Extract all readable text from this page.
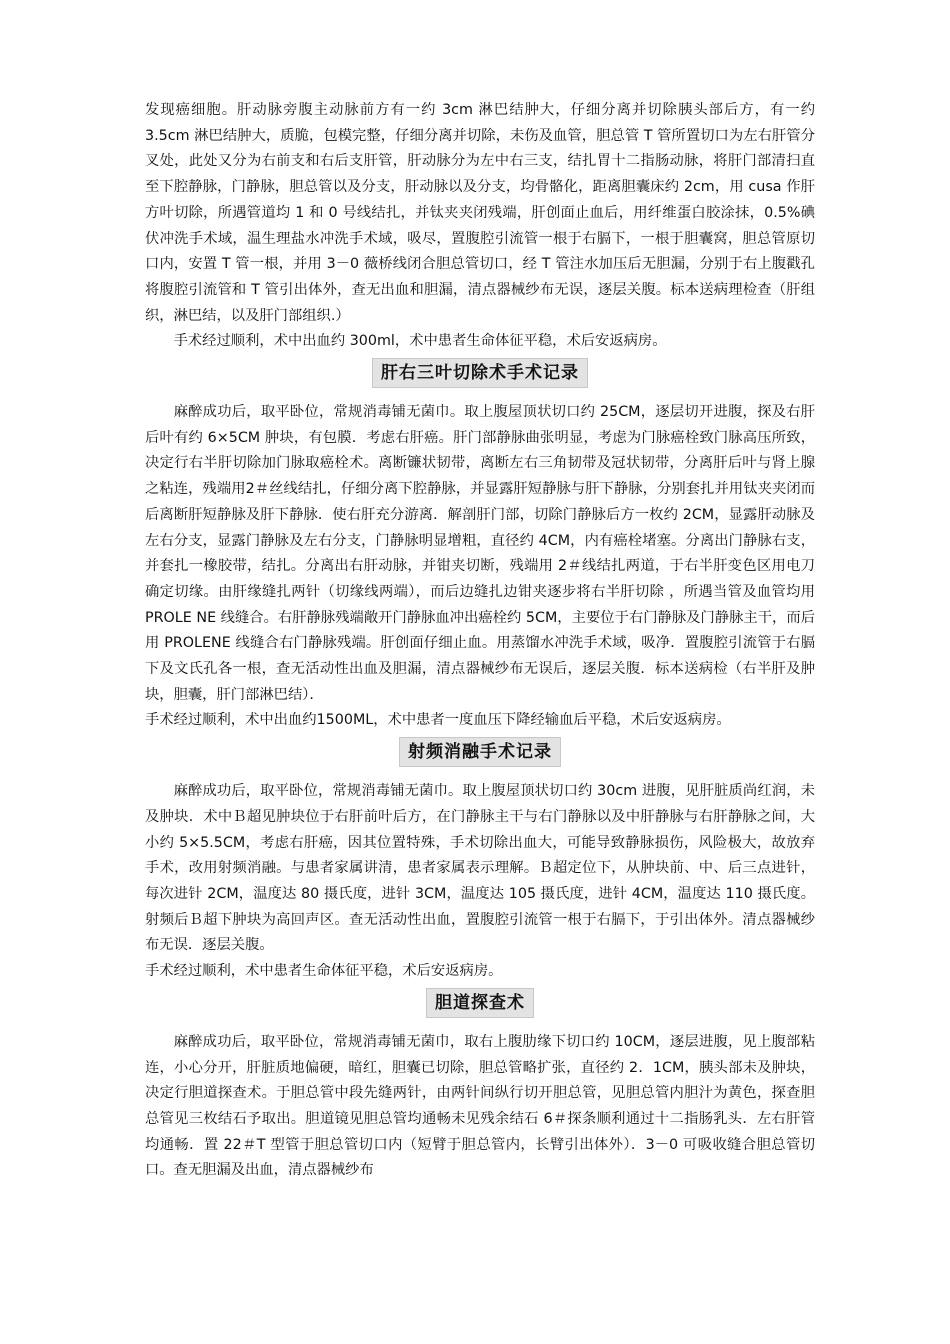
发现癌细胞。肝动脉旁腹主动脉前方有一约 3cm 淋巴结肿大，仔细分离并切除胰头部后方，有一约 3.5cm 淋巴结肿大，质脆，包模完整，仔细分离并切除，未伤及血管，胆总管 T 管所置切口为左右肝管分叉处，此处又分为右前支和右后支肝管，肝动脉分为左中右三支，结扎胃十二指肠动脉，将肝门部清扫直至下腔静脉，门静脉，胆总管以及分支，肝动脉以及分支，均骨骼化，距离胆囊床约 2cm，用 cusa 作肝方叶切除，所遇管道均 1 和 0 号线结扎，并钛夹夹闭残端，肝创面止血后，用纤维蛋白胶涂抹，0.5%碘伏冲洗手术域，温生理盐水冲洗手术域，吸尽，置腹腔引流管一根于右膈下，一根于胆囊窝，胆总管原切口内，安置 T 管一根，并用 3－0 薇桥线闭合胆总管切口，经 T 管注水加压后无胆漏，分别于右上腹戳孔将腹腔引流管和 T 管引出体外，查无出血和胆漏，清点器械纱布无误，逐层关腹。标本送病理检查（肝组织，淋巴结，以及肝门部组织.）

手术经过顺利，术中出血约 300ml，术中患者生命体征平稳，术后安返病房。

肝右三叶切除术手术记录

麻醉成功后，取平卧位，常规消毒铺无菌巾。取上腹屋顶状切口约 25CM，逐层切开进腹，探及右肝后叶有约 6×5CM 肿块，有包膜．考虑右肝癌。肝门部静脉曲张明显，考虑为门脉癌栓致门脉高压所致，决定行右半肝切除加门脉取癌栓术。离断镰状韧带，离断左右三角韧带及冠状韧带，分离肝后叶与肾上腺之粘连，残端用2＃丝线结扎，仔细分离下腔静脉，并显露肝短静脉与肝下静脉，分别套扎并用钛夹夹闭而后离断肝短静脉及肝下静脉．使右肝充分游离．解剖肝门部，切除门静脉后方一枚约 2CM，显露肝动脉及左右分支，显露门静脉及左右分支，门静脉明显增粗，直径约 4CM，内有癌栓堵塞。分离出门静脉右支，并套扎一橡胶带，结扎。分离出右肝动脉，并钳夹切断，残端用 2＃线结扎两道，于右半肝变色区用电刀确定切缘。由肝缘缝扎两针（切缘线两端），而后边缝扎边钳夹逐步将右半肝切除 ，所遇当管及血管均用 PROLE NE 线缝合。右肝静脉残端敞开门静脉血冲出癌栓约 5CM，主要位于右门静脉及门静脉主干，而后用 PROLENE 线缝合右门静脉残端。肝创面仔细止血。用蒸馏水冲洗手术域，吸净．置腹腔引流管于右膈下及文氏孔各一根，查无活动性出血及胆漏，清点器械纱布无误后，逐层关腹．标本送病检（右半肝及肿块，胆囊，肝门部淋巴结）．

手术经过顺利，术中出血约1500ML，术中患者一度血压下降经输血后平稳，术后安返病房。

射频消融手术记录

麻醉成功后，取平卧位，常规消毒铺无菌巾。取上腹屋顶状切口约 30cm 进腹，见肝脏质尚红润，未及肿块．术中Ｂ超见肿块位于右肝前叶后方，在门静脉主干与右门静脉以及中肝静脉与右肝静脉之间，大小约 5×5.5CM，考虑右肝癌，因其位置特殊，手术切除出血大，可能导致静脉损伤，风险极大，故放弃手术，改用射频消融。与患者家属讲清，患者家属表示理解。Ｂ超定位下，从肿块前、中、后三点进针，每次进针 2CM，温度达 80 摄氏度，进针 3CM，温度达 105 摄氏度，进针 4CM，温度达 110 摄氏度。射频后Ｂ超下肿块为高回声区。查无活动性出血，置腹腔引流管一根于右膈下，于引出体外。清点器械纱布无误．逐层关腹。

手术经过顺利，术中患者生命体征平稳，术后安返病房。

胆道探查术

麻醉成功后，取平卧位，常规消毒铺无菌巾，取右上腹肋缘下切口约 10CM，逐层进腹，见上腹部粘连，小心分开，肝脏质地偏硬，暗红，胆囊已切除，胆总管略扩张，直径约 2．1CM，胰头部未及肿块，决定行胆道探查术。于胆总管中段先缝两针，由两针间纵行切开胆总管，见胆总管内胆汁为黄色，探查胆总管见三枚结石予取出。胆道镜见胆总管均通畅未见残余结石 6＃探条顺利通过十二指肠乳头．左右肝管均通畅．置 22＃T 型管于胆总管切口内（短臂于胆总管内，长臂引出体外）．3－0 可吸收缝合胆总管切口。查无胆漏及出血，清点器械纱布
